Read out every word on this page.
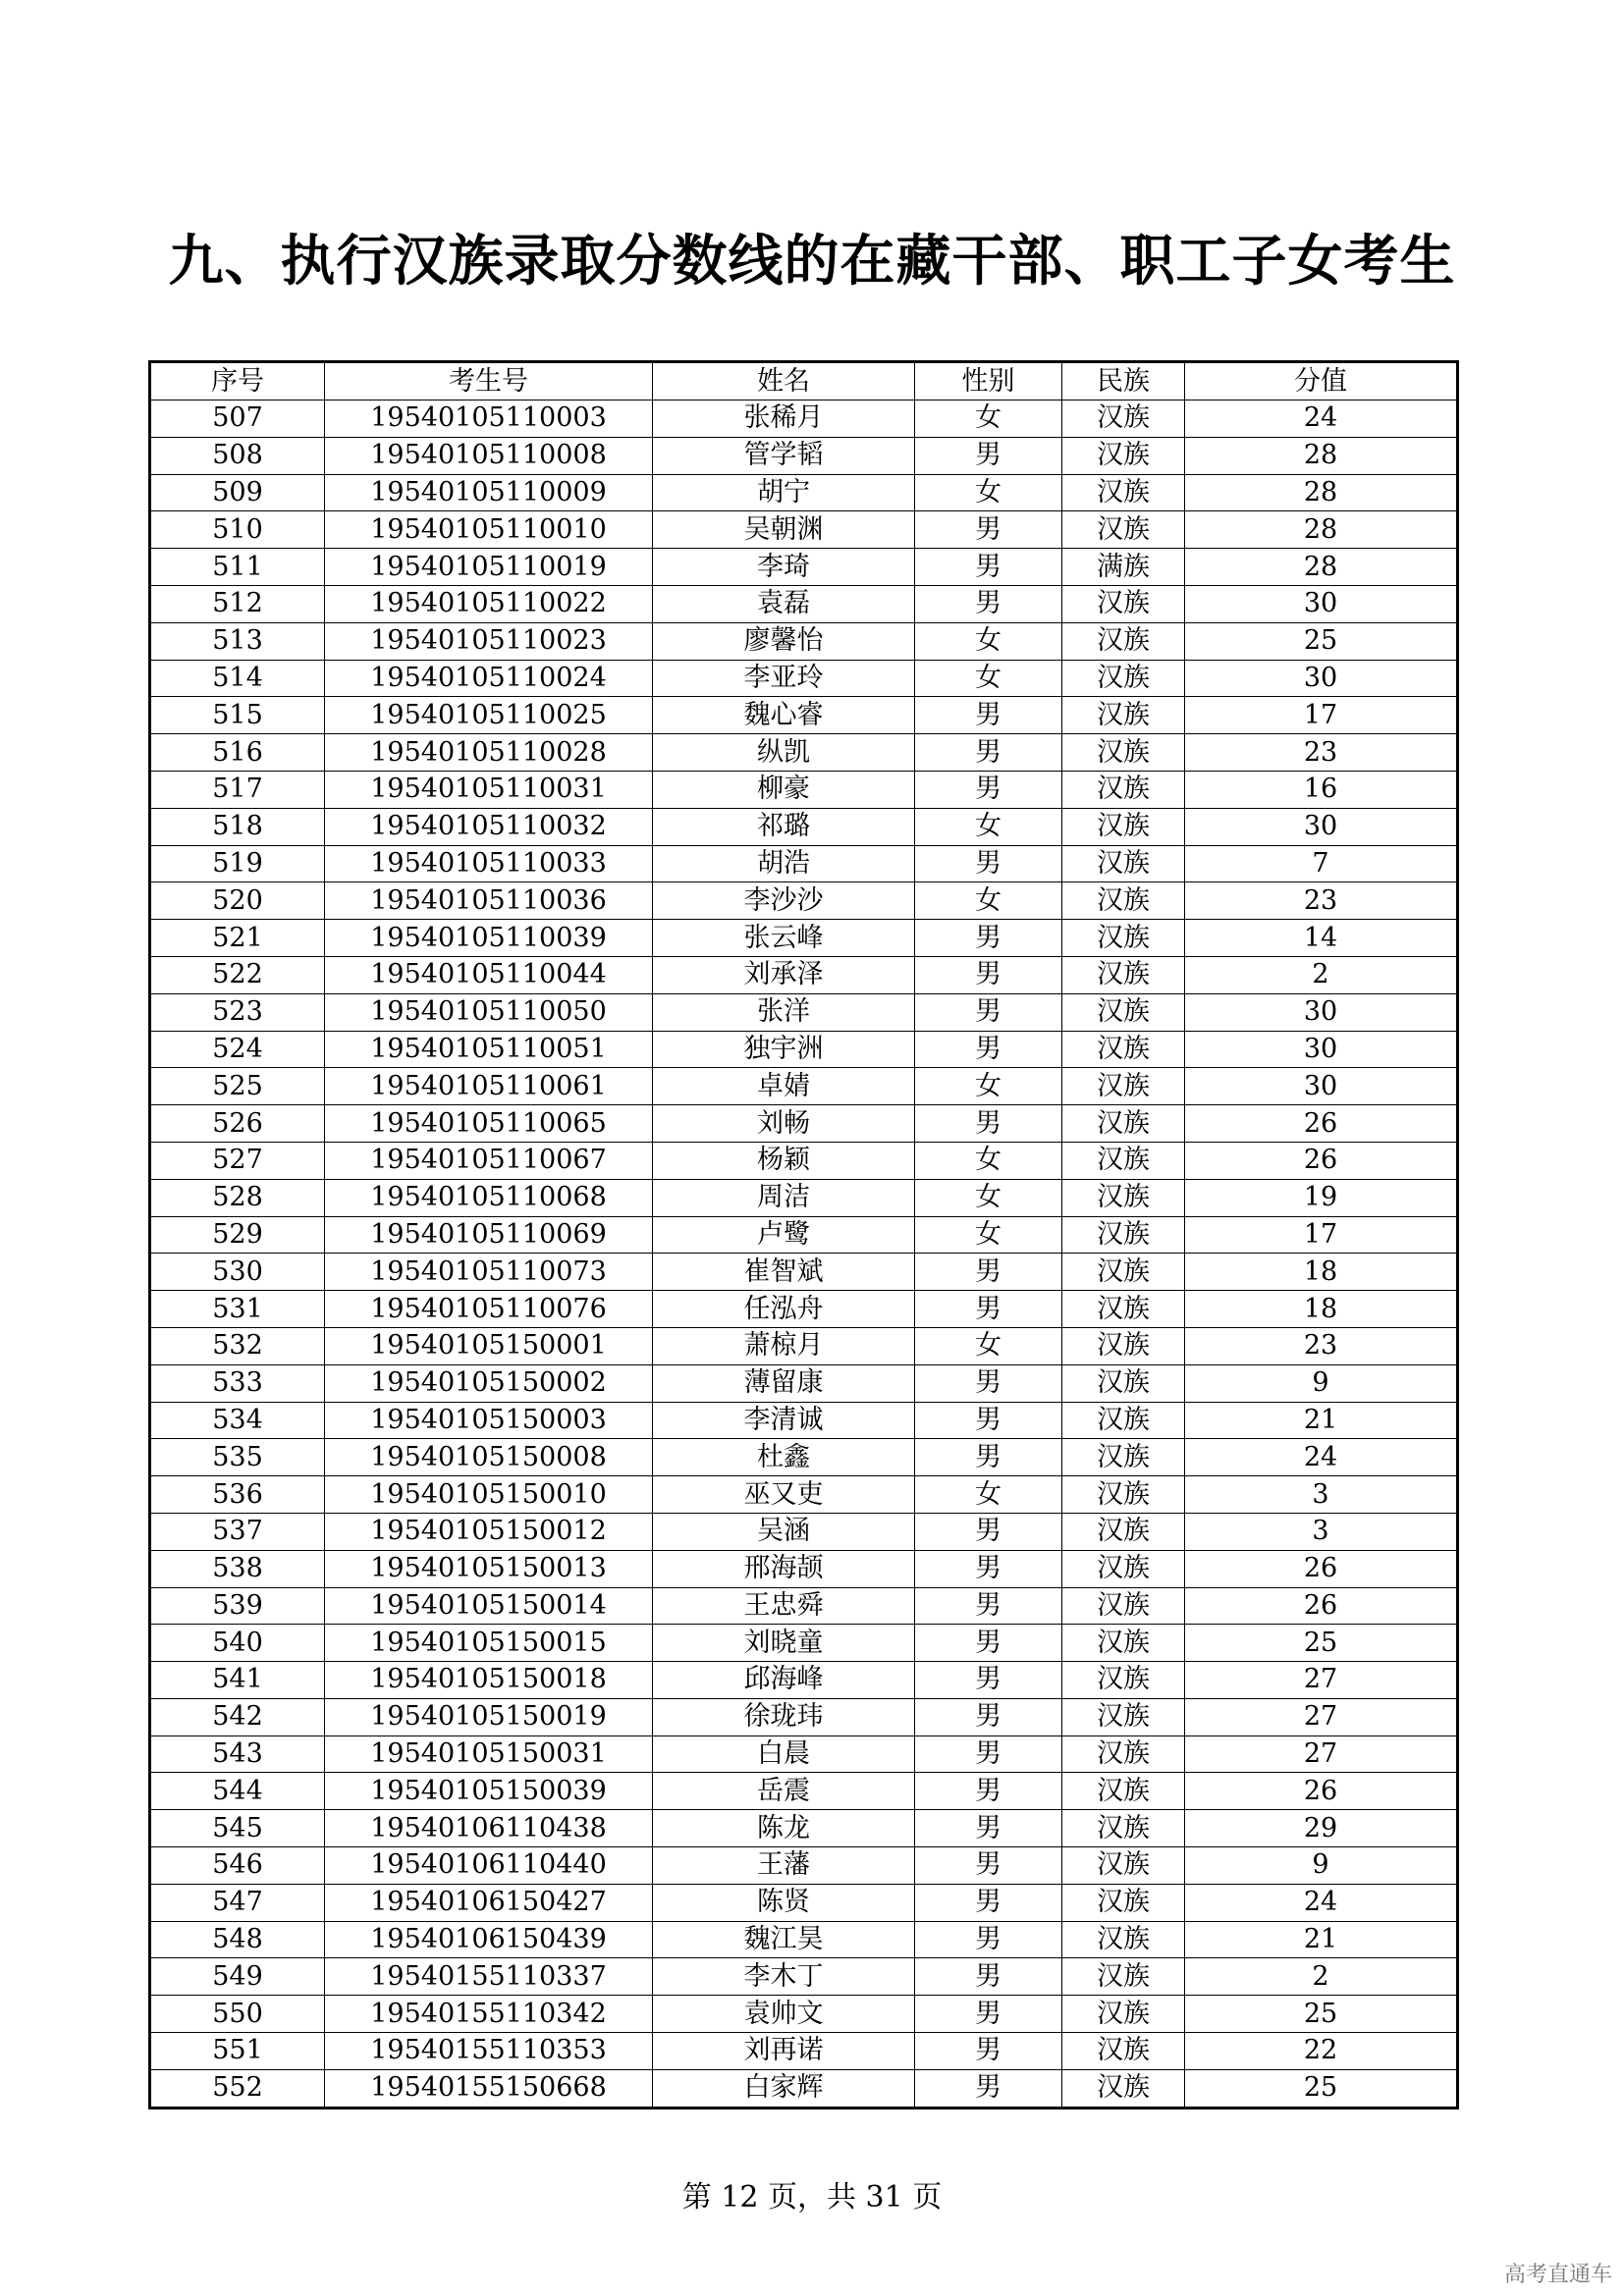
九、执行汉族录取分数线的在藏干部、职工子女考生
序号	考生号	姓名	性别	民族	分值
507	19540105110003	张稀月	女	汉族	24
508	19540105110008	管学韬	男	汉族	28
509	19540105110009	胡宁	女	汉族	28
510	19540105110010	吴朝渊	男	汉族	28
511	19540105110019	李琦	男	满族	28
512	19540105110022	袁磊	男	汉族	30
513	19540105110023	廖馨怡	女	汉族	25
514	19540105110024	李亚玲	女	汉族	30
515	19540105110025	魏心睿	男	汉族	17
516	19540105110028	纵凯	男	汉族	23
517	19540105110031	柳豪	男	汉族	16
518	19540105110032	祁璐	女	汉族	30
519	19540105110033	胡浩	男	汉族	7
520	19540105110036	李沙沙	女	汉族	23
521	19540105110039	张云峰	男	汉族	14
522	19540105110044	刘承泽	男	汉族	2
523	19540105110050	张洋	男	汉族	30
524	19540105110051	独宇洲	男	汉族	30
525	19540105110061	卓婧	女	汉族	30
526	19540105110065	刘畅	男	汉族	26
527	19540105110067	杨颖	女	汉族	26
528	19540105110068	周洁	女	汉族	19
529	19540105110069	卢鹭	女	汉族	17
530	19540105110073	崔智斌	男	汉族	18
531	19540105110076	任泓舟	男	汉族	18
532	19540105150001	萧椋月	女	汉族	23
533	19540105150002	薄留康	男	汉族	9
534	19540105150003	李清诚	男	汉族	21
535	19540105150008	杜鑫	男	汉族	24
536	19540105150010	巫又吏	女	汉族	3
537	19540105150012	吴涵	男	汉族	3
538	19540105150013	邢海颉	男	汉族	26
539	19540105150014	王忠舜	男	汉族	26
540	19540105150015	刘晓童	男	汉族	25
541	19540105150018	邱海峰	男	汉族	27
542	19540105150019	徐珑玮	男	汉族	27
543	19540105150031	白晨	男	汉族	27
544	19540105150039	岳震	男	汉族	26
545	19540106110438	陈龙	男	汉族	29
546	19540106110440	王藩	男	汉族	9
547	19540106150427	陈贤	男	汉族	24
548	19540106150439	魏江昊	男	汉族	21
549	19540155110337	李木丁	男	汉族	2
550	19540155110342	袁帅文	男	汉族	25
551	19540155110353	刘再诺	男	汉族	22
552	19540155150668	白家辉	男	汉族	25
第 12 页，共 31 页
高考直通车
